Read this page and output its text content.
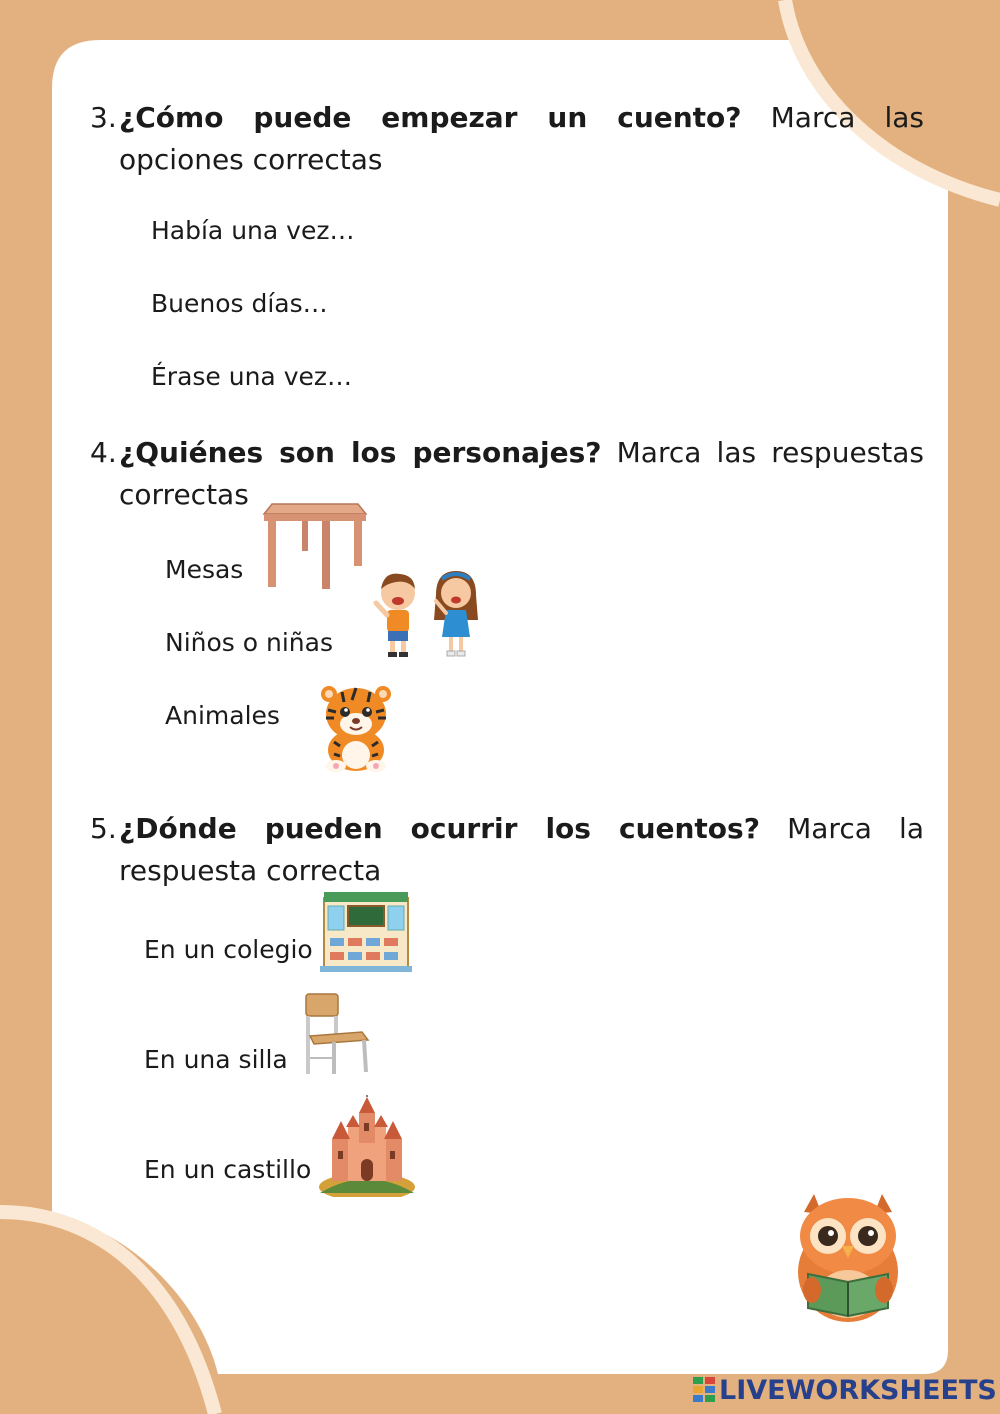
3. ¿Cómo puede empezar un cuento? Marca las opciones correctas
Había una vez…
Buenos días…
Érase una vez…
4. ¿Quiénes son los personajes? Marca las respuestas correctas
Mesas
Niños o niñas
Animales
5. ¿Dónde pueden ocurrir los cuentos? Marca la respuesta correcta
En un colegio
En una silla
En un castillo
LIVEWORKSHEETS
